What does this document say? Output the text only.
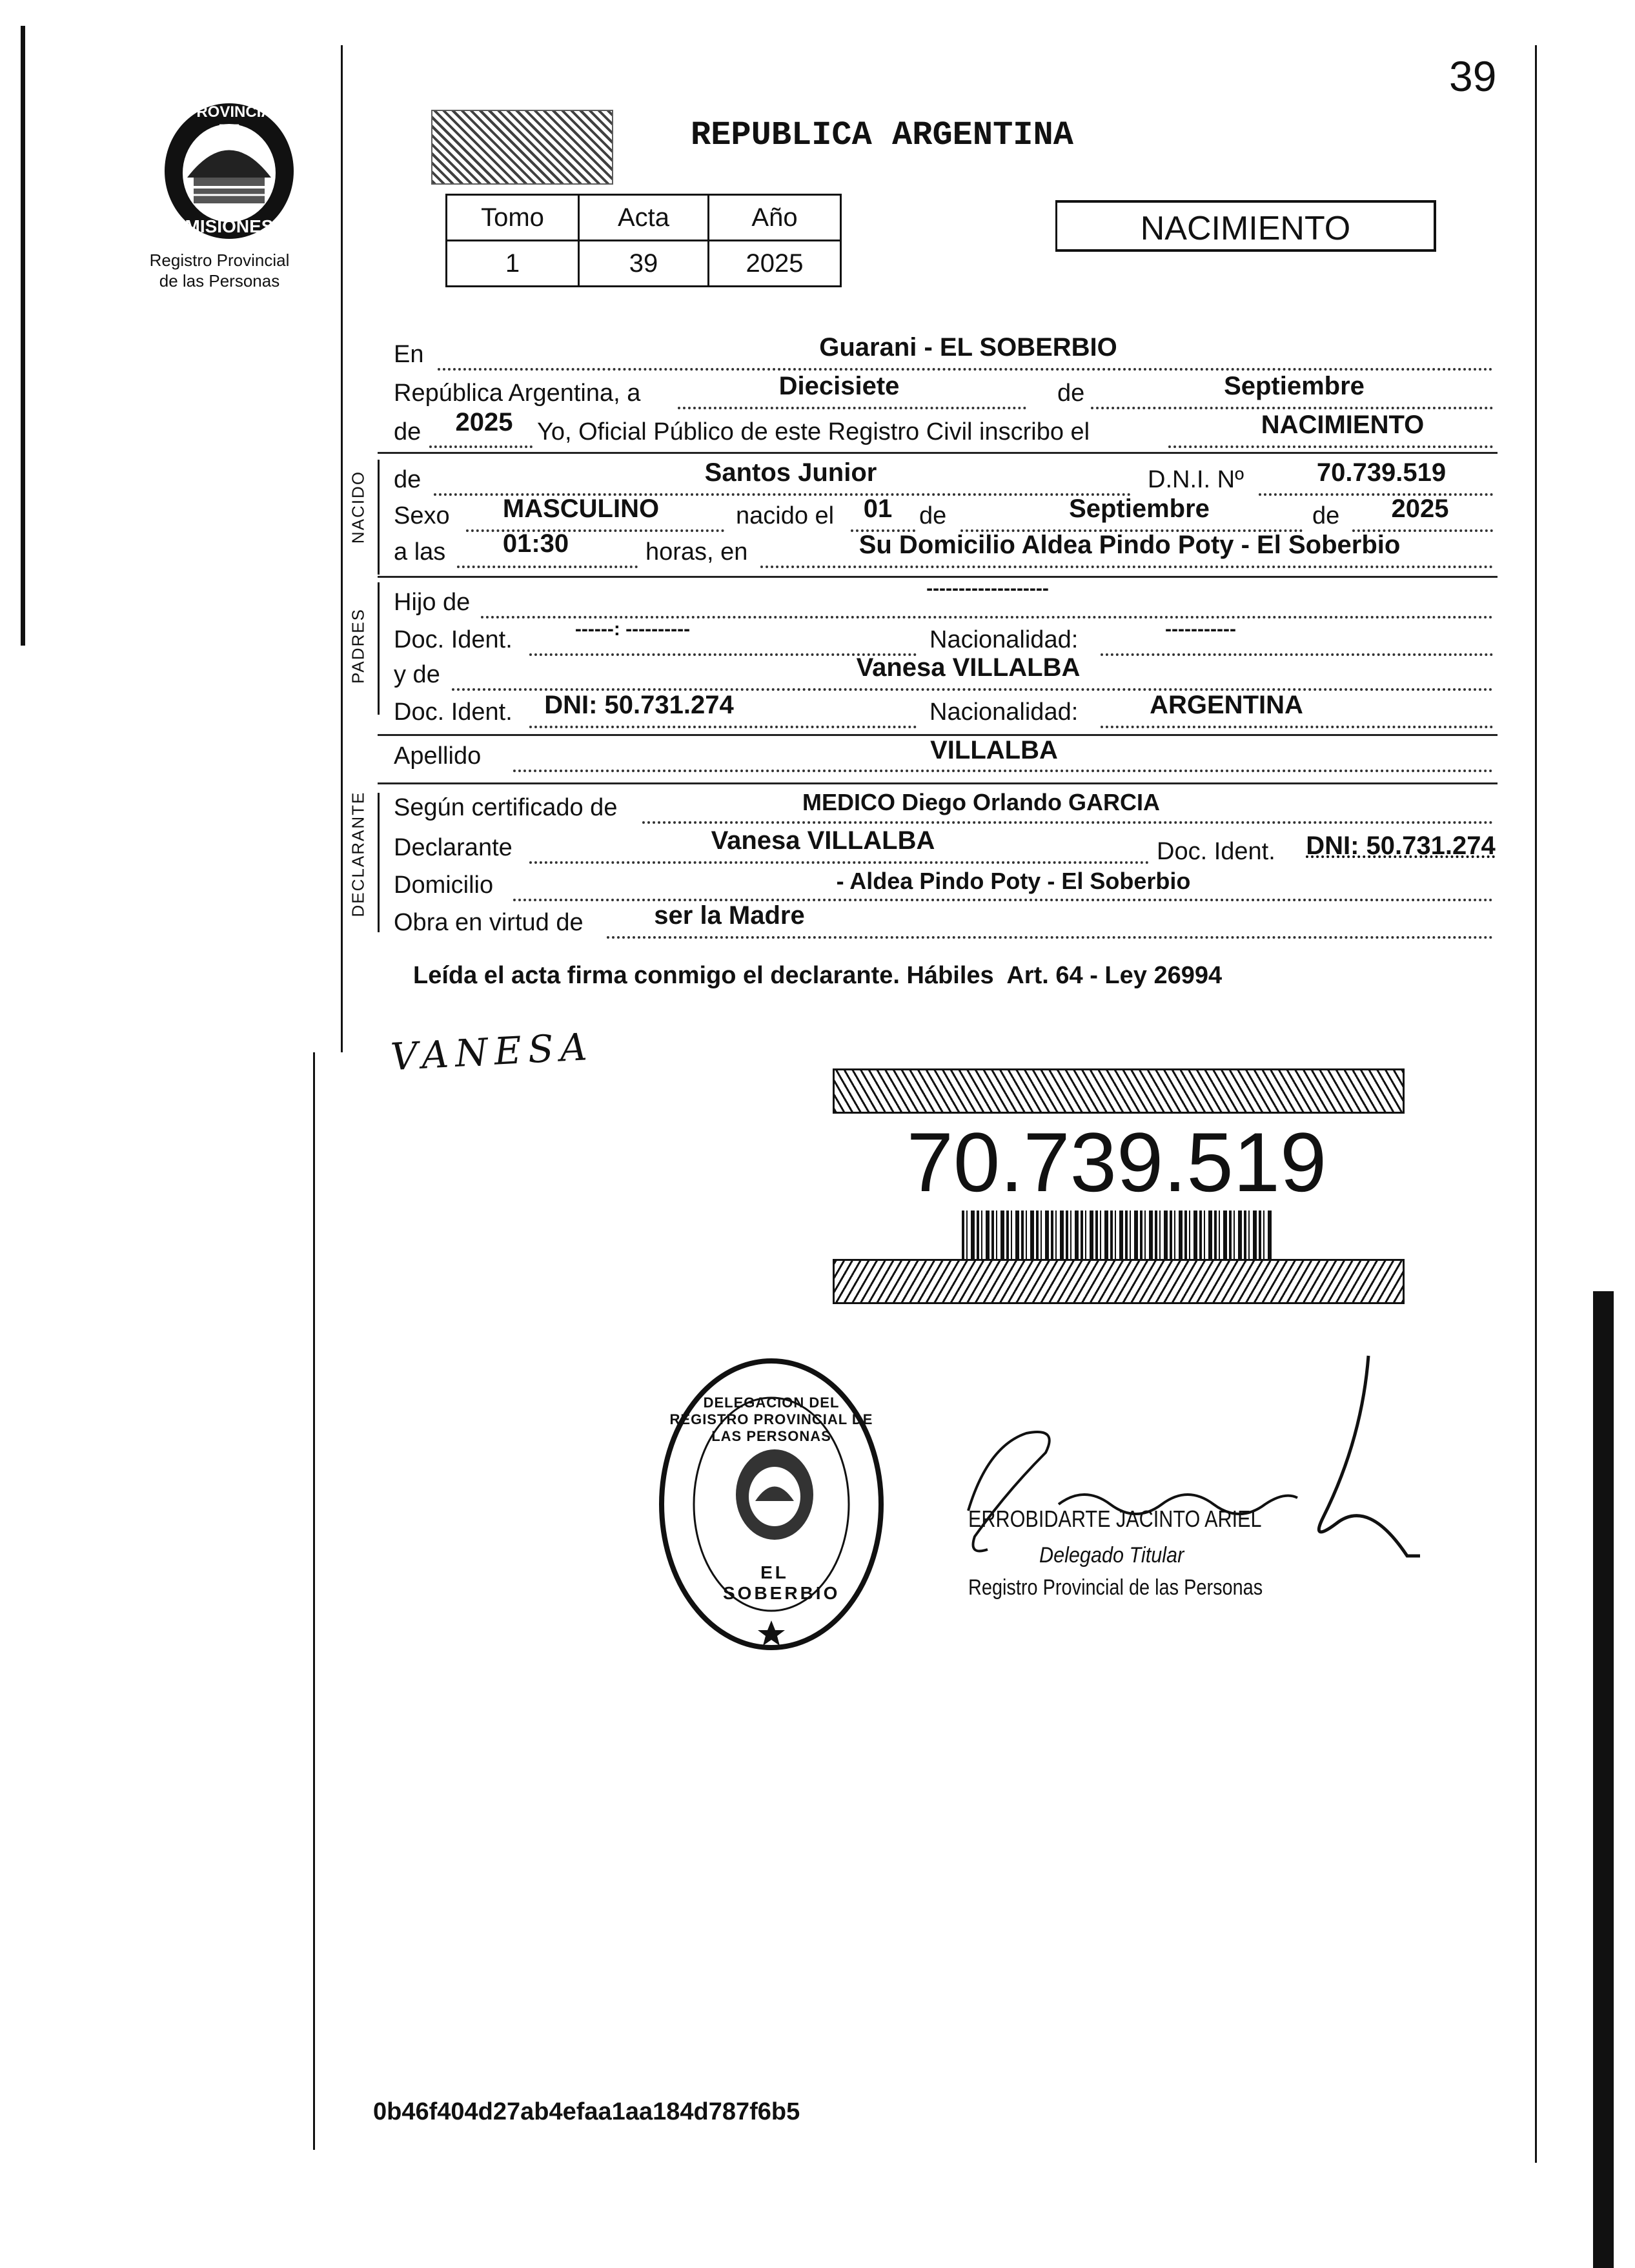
39
PROVINCIA DE
MISIONES
Registro Provincial
de las Personas
REPUBLICA ARGENTINA
Tomo	Acta	Año
1	39	2025
NACIMIENTO
En	Guarani - EL SOBERBIO
República Argentina, a	Diecisiete	de	Septiembre
de	2025 Yo, Oficial Público de este Registro Civil inscribo el	NACIMIENTO
NACIDO de	Santos Junior	D.N.I. Nº	70.739.519
Sexo	MASCULINO	nacido el	01	de	Septiembre	de	2025
a las	01:30	horas, en	Su Domicilio Aldea Pindo Poty - El Soberbio
PADRES
Hijo de
-------------------
Doc. Ident.	------: ----------	Nacionalidad:	-----------
y de	Vanesa VILLALBA
Doc. Ident.	DNI: 50.731.274	Nacionalidad:	ARGENTINA
Apellido	VILLALBA
DECLARANTE Según certificado de	MEDICO Diego Orlando GARCIA
Declarante	Vanesa VILLALBA	Doc. Ident.	DNI: 50.731.274
Domicilio	- Aldea Pindo Poty - El Soberbio
Obra en virtud de	ser la Madre
Leída el acta firma conmigo el declarante. Hábiles  Art. 64 - Ley 26994
VANESA
70.739.519
DELEGACION DEL REGISTRO PROVINCIAL DE LAS PERSONAS
EL SOBERBIO
ERROBIDARTE JACINTO ARIEL
Delegado Titular
Registro Provincial de las Personas
0b46f404d27ab4efaa1aa184d787f6b5
